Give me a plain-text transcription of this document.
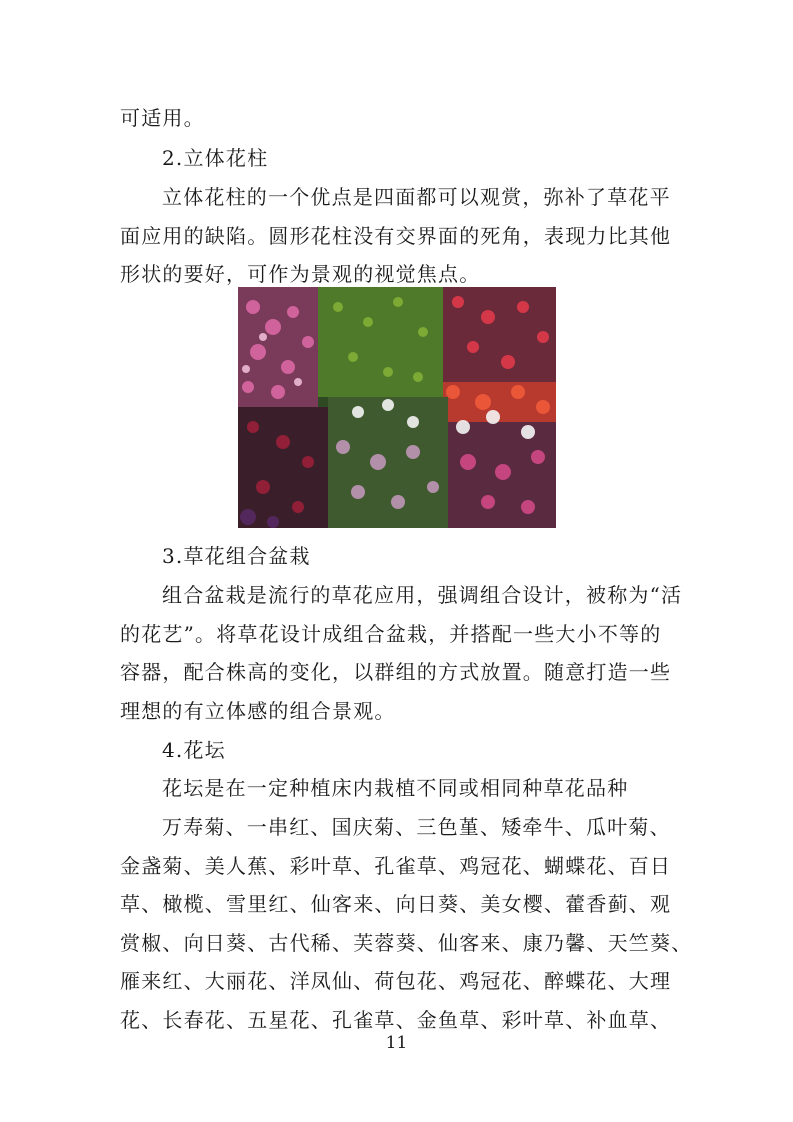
可适用。
2.立体花柱
立体花柱的一个优点是四面都可以观赏，弥补了草花平
面应用的缺陷。圆形花柱没有交界面的死角，表现力比其他
形状的要好，可作为景观的视觉焦点。
3.草花组合盆栽
组合盆栽是流行的草花应用，强调组合设计，被称为“活
的花艺”。将草花设计成组合盆栽，并搭配一些大小不等的
容器，配合株高的变化，以群组的方式放置。随意打造一些
理想的有立体感的组合景观。
4.花坛
花坛是在一定种植床内栽植不同或相同种草花品种
万寿菊、一串红、国庆菊、三色堇、矮牵牛、瓜叶菊、
金盏菊、美人蕉、彩叶草、孔雀草、鸡冠花、蝴蝶花、百日
草、橄榄、雪里红、仙客来、向日葵、美女樱、藿香蓟、观
赏椒、向日葵、古代稀、芙蓉葵、仙客来、康乃馨、天竺葵、
雁来红、大丽花、洋凤仙、荷包花、鸡冠花、醉蝶花、大理
花、长春花、五星花、孔雀草、金鱼草、彩叶草、补血草、
11
